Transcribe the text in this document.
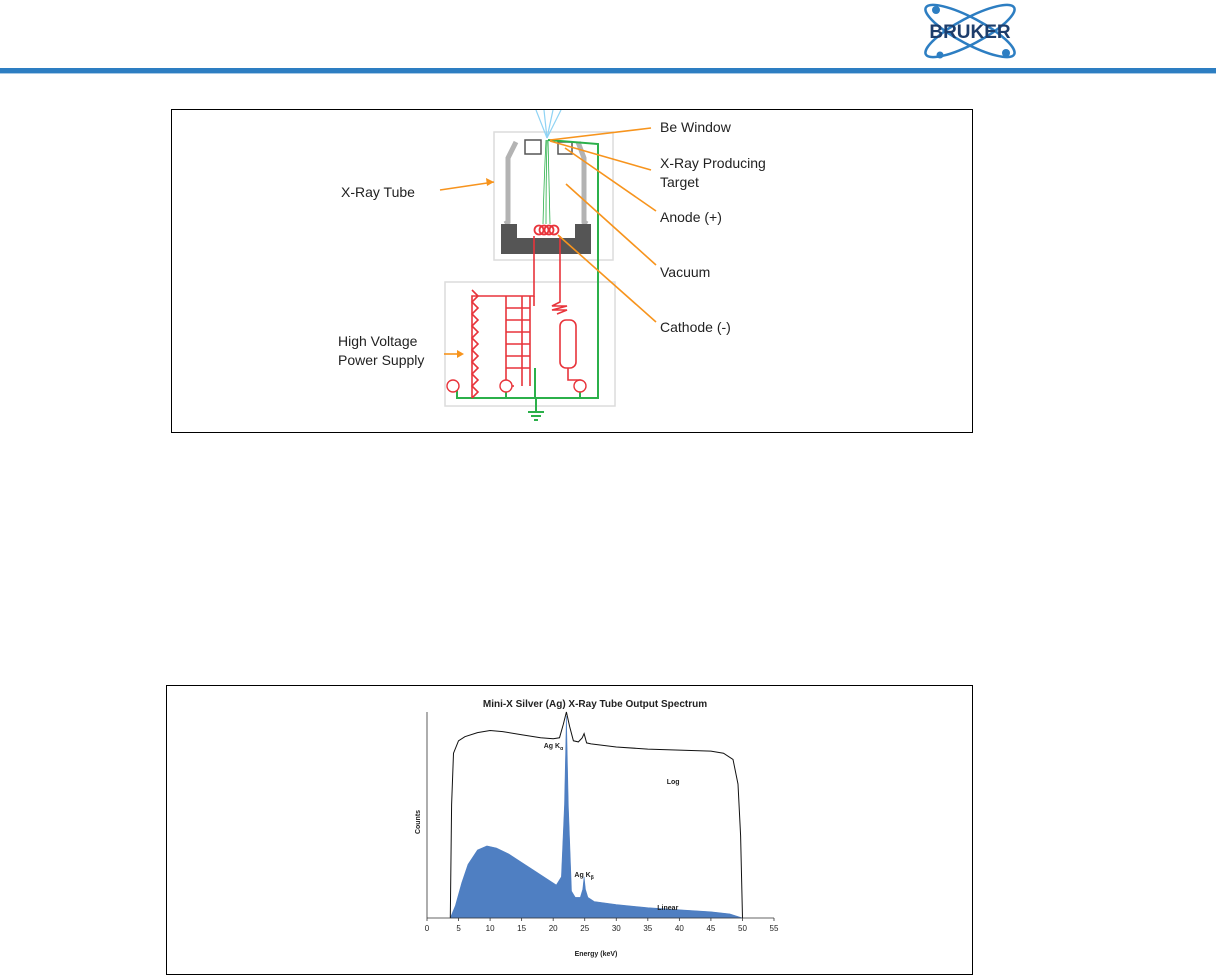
BRUKER
Be Window
X-Ray Producing
Target
Anode (+)
Vacuum
Cathode (-)
X-Ray Tube
High Voltage
Power Supply
Mini-X Silver (Ag) X-Ray Tube Output Spectrum
Counts
Energy (keV)
0	5	10	15	20	25	30	35	40	45	50	55
Ag $K_\alpha$
Ag $K_\beta$
Log
Linear
